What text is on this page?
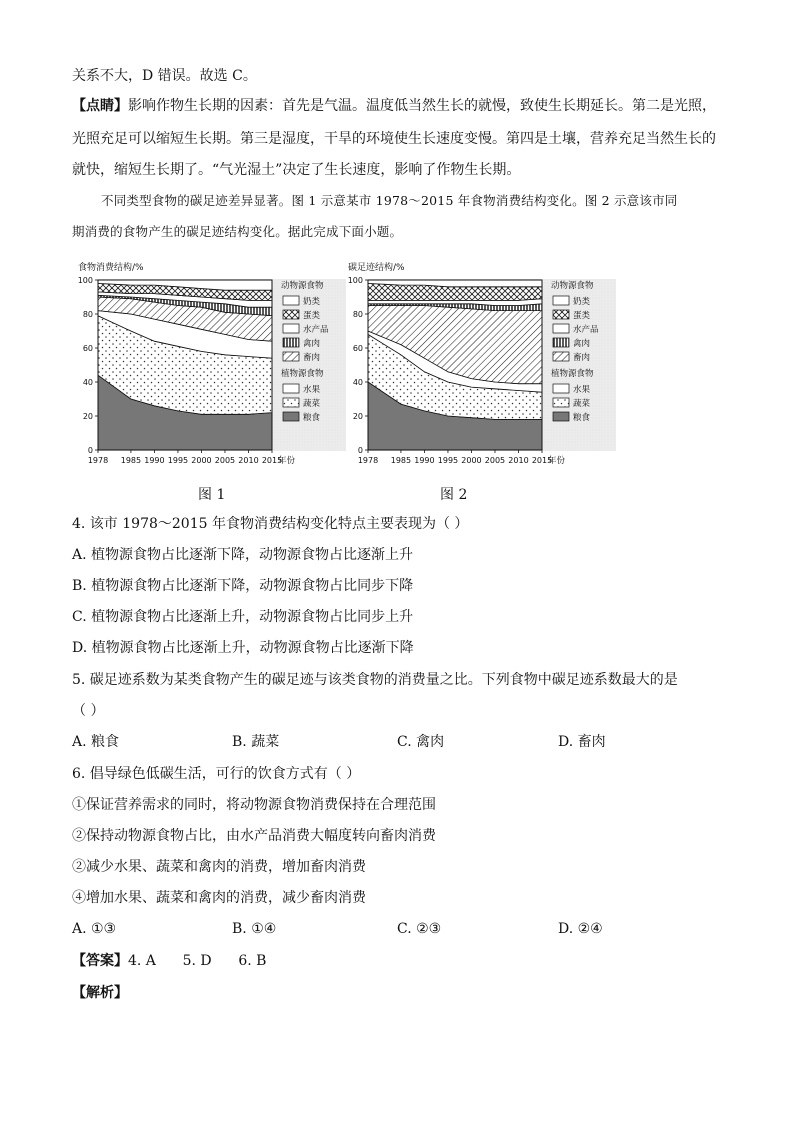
关系不大，D 错误。故选 C。
【点睛】影响作物生长期的因素：首先是气温。温度低当然生长的就慢，致使生长期延长。第二是光照，
光照充足可以缩短生长期。第三是湿度，干旱的环境使生长速度变慢。第四是土壤，营养充足当然生长的
就快，缩短生长期了。“气光湿土”决定了生长速度，影响了作物生长期。
不同类型食物的碳足迹差异显著。图 1 示意某市 1978～2015 年食物消费结构变化。图 2 示意该市同
期消费的食物产生的碳足迹结构变化。据此完成下面小题。
0
20
40
60
80
100
1978 1985 1990 1995 2000 2005 2010 2015
年份
食物消费结构/%
动物源食物
奶类
蛋类
水产品
禽肉
畜肉
植物源食物
水果
蔬菜
粮食
图 1
0
20
40
60
80
100
1978 1985 1990 1995 2000 2005 2010 2015
年份
碳足迹结构/%
动物源食物
奶类
蛋类
水产品
禽肉
畜肉
植物源食物
水果
蔬菜
粮食
图 2
4. 该市 1978～2015 年食物消费结构变化特点主要表现为（ ）
A. 植物源食物占比逐渐下降，动物源食物占比逐渐上升
B. 植物源食物占比逐渐下降，动物源食物占比同步下降
C. 植物源食物占比逐渐上升，动物源食物占比同步上升
D. 植物源食物占比逐渐上升，动物源食物占比逐渐下降
5. 碳足迹系数为某类食物产生的碳足迹与该类食物的消费量之比。下列食物中碳足迹系数最大的是
（ ）
A. 粮食	B. 蔬菜	C. 禽肉	D. 畜肉
6. 倡导绿色低碳生活，可行的饮食方式有（ ）
①保证营养需求的同时，将动物源食物消费保持在合理范围
②保持动物源食物占比，由水产品消费大幅度转向畜肉消费
②减少水果、蔬菜和禽肉的消费，增加畜肉消费
④增加水果、蔬菜和禽肉的消费，减少畜肉消费
A. ①③	B. ①④	C. ②③	D. ②④
【答案】4. A      5. D      6. B
【解析】
